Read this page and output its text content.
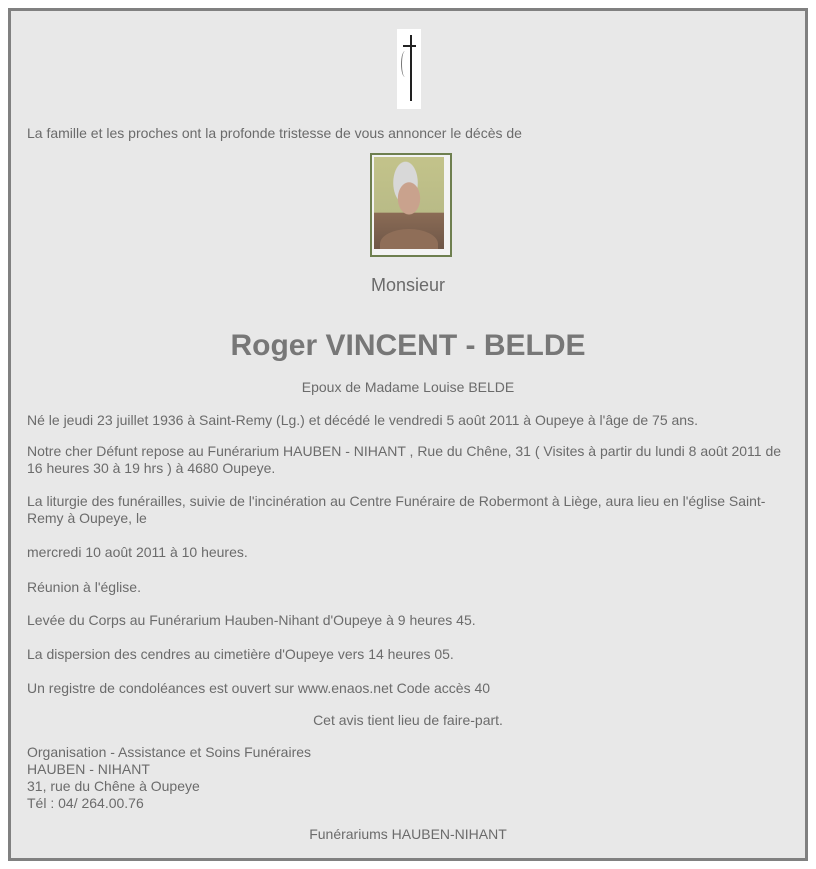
La famille et les proches ont la profonde tristesse de vous annoncer le décès de
Monsieur
Roger VINCENT - BELDE
Epoux de Madame Louise BELDE
Né le jeudi 23 juillet 1936 à Saint-Remy (Lg.) et décédé le vendredi 5 août 2011 à Oupeye à l'âge de 75 ans.
Notre cher Défunt repose au Funérarium HAUBEN - NIHANT , Rue du Chêne, 31 ( Visites à partir du lundi 8 août 2011 de 16 heures 30 à 19 hrs ) à 4680 Oupeye.
La liturgie des funérailles, suivie de l'incinération au Centre Funéraire de Robermont à Liège, aura lieu en l'église Saint-Remy à Oupeye, le
mercredi 10 août 2011 à 10 heures.
Réunion à l'église.
Levée du Corps au Funérarium Hauben-Nihant d'Oupeye à 9 heures 45.
La dispersion des cendres au cimetière d'Oupeye vers 14 heures 05.
Un registre de condoléances est ouvert sur www.enaos.net Code accès 40
Cet avis tient lieu de faire-part.
Organisation - Assistance et Soins Funéraires
HAUBEN - NIHANT
31, rue du Chêne à Oupeye
Tél : 04/ 264.00.76
Funérariums HAUBEN-NIHANT
